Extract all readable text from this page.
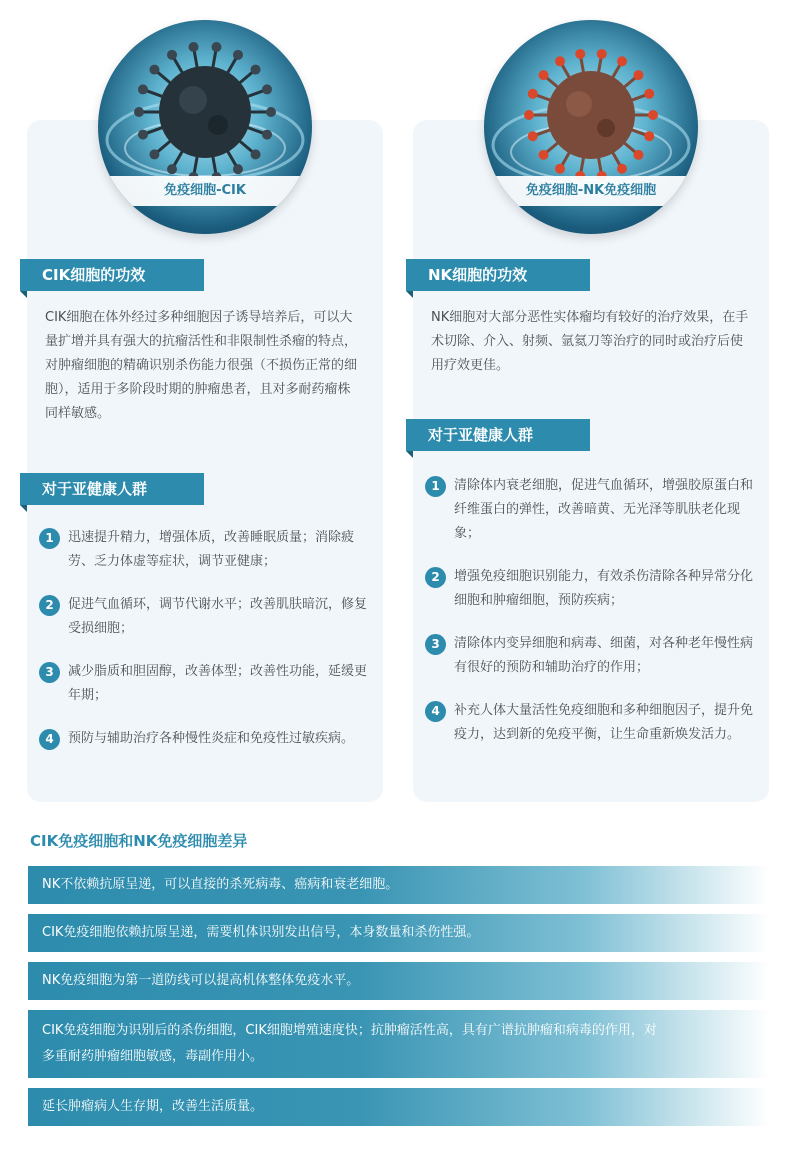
免疫细胞-CIK
CIK细胞的功效

CIK细胞在体外经过多种细胞因子诱导培养后，可以大量扩增并具有强大的抗瘤活性和非限制性杀瘤的特点，对肿瘤细胞的精确识别杀伤能力很强（不损伤正常的细胞），适用于多阶段时期的肿瘤患者，且对多耐药瘤株同样敏感。

对于亚健康人群
1	迅速提升精力，增强体质，改善睡眠质量；消除疲劳、乏力体虚等症状，调节亚健康；
2	促进气血循环，调节代谢水平；改善肌肤暗沉，修复受损细胞；
3	减少脂质和胆固醇，改善体型；改善性功能，延缓更年期；
4	预防与辅助治疗各种慢性炎症和免疫性过敏疾病。
免疫细胞-NK免疫细胞
NK细胞的功效

NK细胞对大部分恶性实体瘤均有较好的治疗效果，在手术切除、介入、射频、氩氦刀等治疗的同时或治疗后使用疗效更佳。

对于亚健康人群
1	清除体内衰老细胞，促进气血循环，增强胶原蛋白和纤维蛋白的弹性，改善暗黄、无光泽等肌肤老化现象；
2	增强免疫细胞识别能力，有效杀伤清除各种异常分化细胞和肿瘤细胞，预防疾病；
3	清除体内变异细胞和病毒、细菌，对各种老年慢性病有很好的预防和辅助治疗的作用；
4	补充人体大量活性免疫细胞和多种细胞因子，提升免疫力，达到新的免疫平衡，让生命重新焕发活力。
CIK免疫细胞和NK免疫细胞差异
NK不依赖抗原呈递，可以直接的杀死病毒、癌病和衰老细胞。
CIK免疫细胞依赖抗原呈递，需要机体识别发出信号，本身数量和杀伤性强。
NK免疫细胞为第一道防线可以提高机体整体免疫水平。
CIK免疫细胞为识别后的杀伤细胞，CIK细胞增殖速度快；抗肿瘤活性高，具有广谱抗肿瘤和病毒的作用，对多重耐药肿瘤细胞敏感，毒副作用小。
延长肿瘤病人生存期，改善生活质量。
